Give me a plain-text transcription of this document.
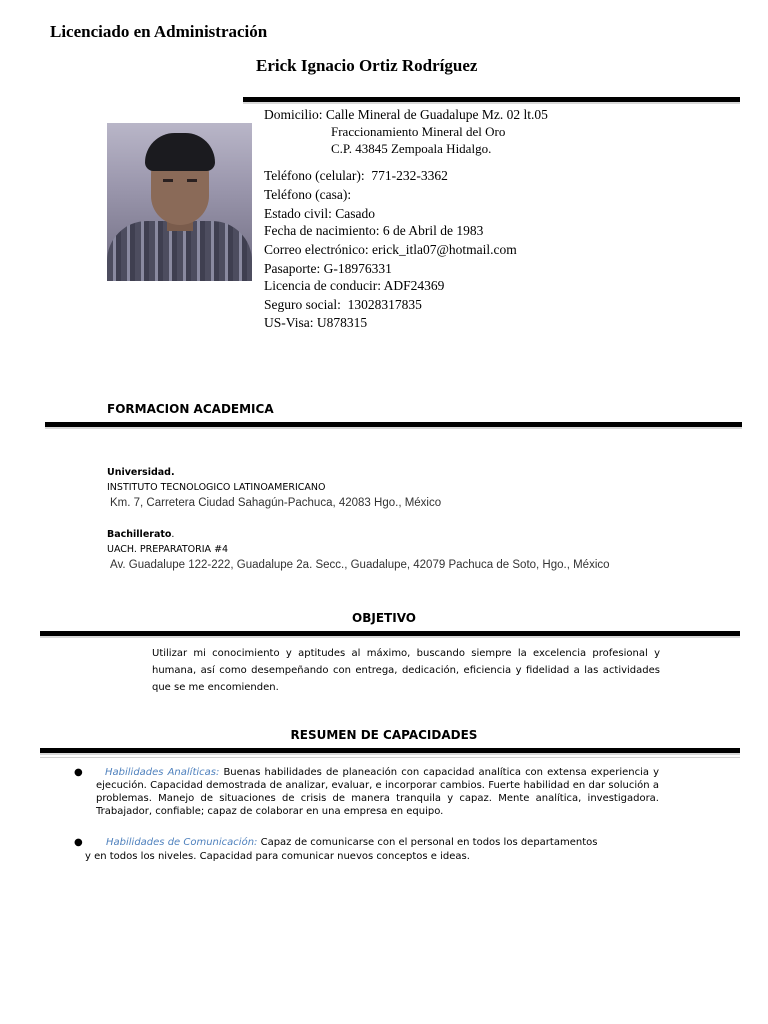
Licenciado en Administración
Erick Ignacio Ortiz Rodríguez
Domicilio: Calle Mineral de Guadalupe Mz. 02 lt.05
Fraccionamiento Mineral del Oro
C.P. 43845 Zempoala Hidalgo.
Teléfono (celular): 771-232-3362
Teléfono (casa):
Estado civil: Casado
Fecha de nacimiento: 6 de Abril de 1983
Correo electrónico: erick_itla07@hotmail.com
Pasaporte: G-18976331
Licencia de conducir: ADF24369
Seguro social: 13028317835
US-Visa: U878315
FORMACION ACADEMICA
Universidad.
INSTITUTO TECNOLOGICO LATINOAMERICANO
Km. 7, Carretera Ciudad Sahagún-Pachuca, 42083 Hgo., México
Bachillerato.
UACH. PREPARATORIA #4
Av. Guadalupe 122-222, Guadalupe 2a. Secc., Guadalupe, 42079 Pachuca de Soto, Hgo., México
OBJETIVO
Utilizar mi conocimiento y aptitudes al máximo, buscando siempre la excelencia profesional y humana, así como desempeñando con entrega, dedicación, eficiencia y fidelidad a las actividades que se me encomienden.
RESUMEN DE CAPACIDADES
●	Habilidades Analíticas: Buenas habilidades de planeación con capacidad analítica con extensa experiencia y ejecución. Capacidad demostrada de analizar, evaluar, e incorporar cambios. Fuerte habilidad en dar solución a problemas. Manejo de situaciones de crisis de manera tranquila y capaz. Mente analítica, investigadora. Trabajador, confiable; capaz de colaborar en una empresa en equipo.
● Habilidades de Comunicación: Capaz de comunicarse con el personal en todos los departamentos
y en todos los niveles. Capacidad para comunicar nuevos conceptos e ideas.
